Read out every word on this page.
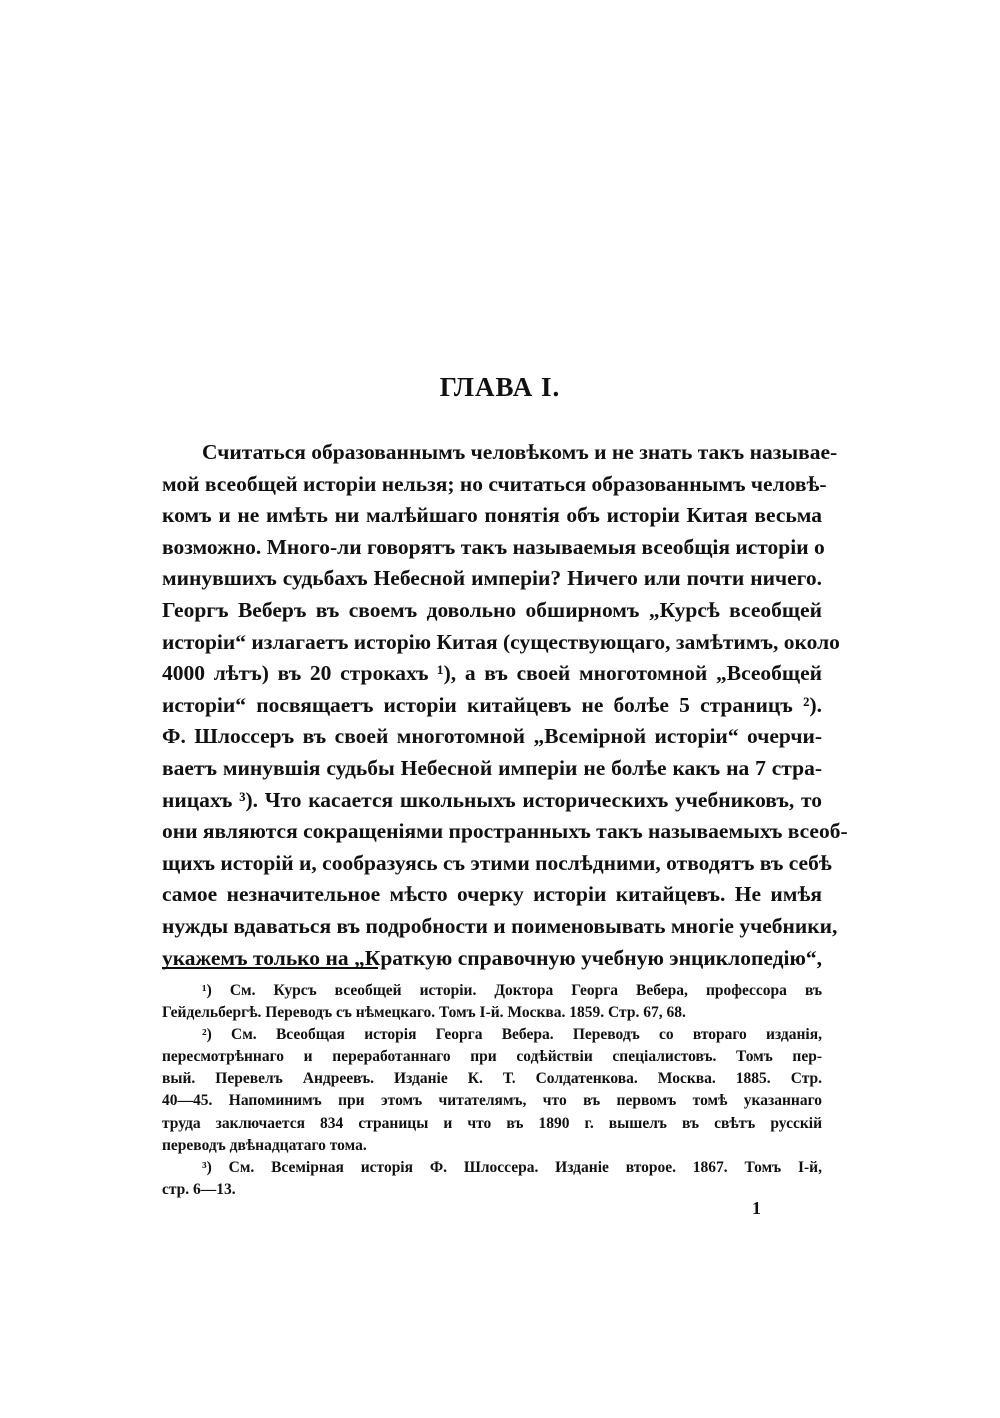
ГЛАВА I.
Считаться образованнымъ человѣкомъ и не знать такъ называе-
мой всеобщей исторіи нельзя; но считаться образованнымъ человѣ-
комъ и не имѣть ни малѣйшаго понятія объ исторіи Китая весьма
возможно. Много-ли говорятъ такъ называемыя всеобщія исторіи о
минувшихъ судьбахъ Небесной имперіи? Ничего или почти ничего.
Георгъ Веберъ въ своемъ довольно обширномъ „Курсѣ всеобщей
исторіи“ излагаетъ исторію Китая (существующаго, замѣтимъ, около
4000 лѣтъ) въ 20 строкахъ ¹), а въ своей многотомной „Всеобщей
исторіи“ посвящаетъ исторіи китайцевъ не болѣе 5 страницъ ²).
Ф. Шлоссеръ въ своей многотомной „Всемірной исторіи“ очерчи-
ваетъ минувшія судьбы Небесной имперіи не болѣе какъ на 7 стра-
ницахъ ³). Что касается школьныхъ историческихъ учебниковъ, то
они являются сокращеніями пространныхъ такъ называемыхъ всеоб-
щихъ исторій и, сообразуясь съ этими послѣдними, отводятъ въ себѣ
самое незначительное мѣсто очерку исторіи китайцевъ. Не имѣя
нужды вдаваться въ подробности и поименовывать многіе учебники,
укажемъ только на „Краткую справочную учебную энциклопедію“,
¹) См. Курсъ всеобщей исторіи. Доктора Георга Вебера, профессора въ
Гейдельбергѣ. Переводъ съ нѣмецкаго. Томъ I-й. Москва. 1859. Стр. 67, 68.
²) См. Всеобщая исторія Георга Вебера. Переводъ со втораго изданія,
пересмотрѣннаго и переработаннаго при содѣйствіи спеціалистовъ. Томъ пер-
вый. Перевелъ Андреевъ. Изданіе К. Т. Солдатенкова. Москва. 1885. Стр.
40—45. Напоминимъ при этомъ читателямъ, что въ первомъ томѣ указаннаго
труда заключается 834 страницы и что въ 1890 г. вышелъ въ свѣтъ русскій
переводъ двѣнадцатаго тома.
³) См. Всемірная исторія Ф. Шлоссера. Изданіе второе. 1867. Томъ I-й,
стр. 6—13.
1
